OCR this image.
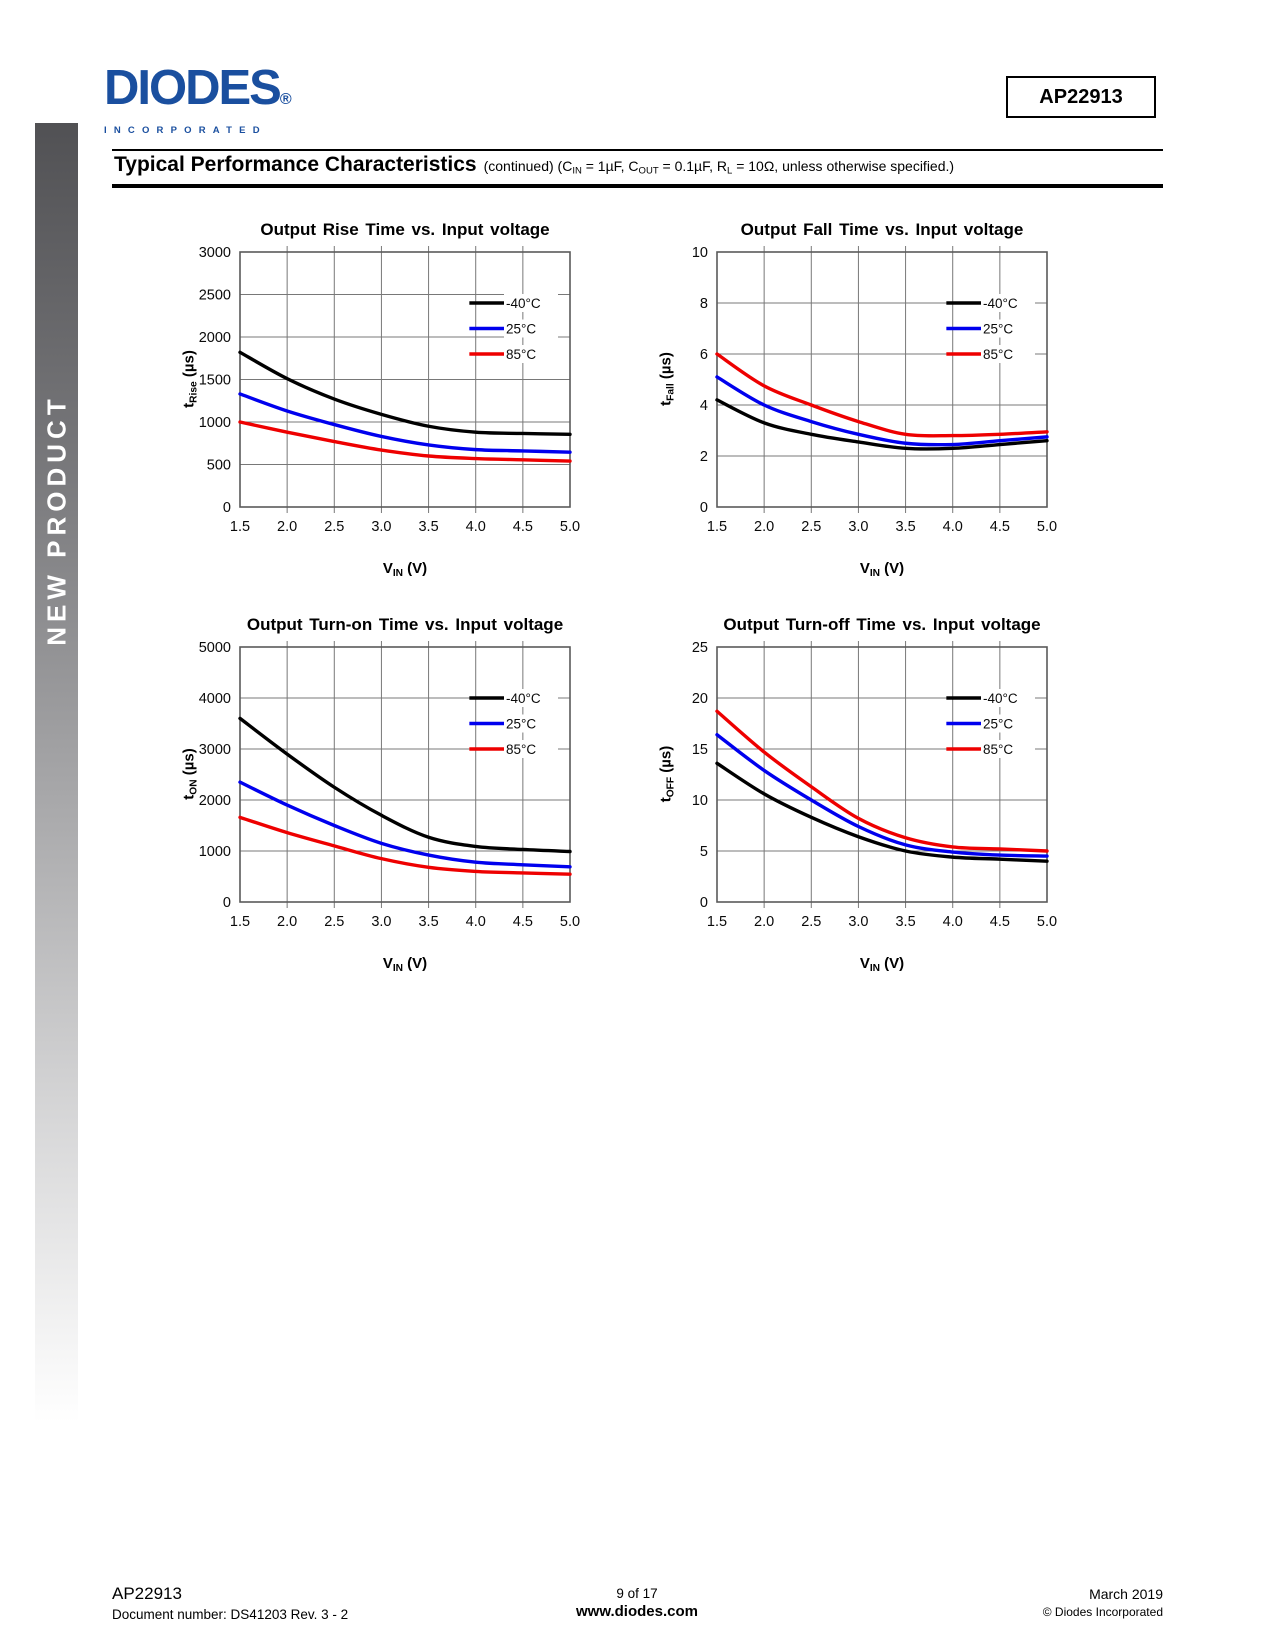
NEW PRODUCT
DIODES®
INCORPORATED
AP22913
Typical Performance Characteristics (continued) ($C_{IN} = 1\mu F$, $C_{OUT} = 0.1\mu F$, $R_L = 10\Omega$, unless otherwise specified.)
Output Rise Time vs. Input voltage
$t_{Rise}$ (µs)
1.5 2.0 2.5 3.0 3.5 4.0 4.5 5.0
0
500
1000
1500
2000
2500
3000
-40°C
25°C
85°C
$V_{IN}$ (V)
Output Fall Time vs. Input voltage
$t_{Fall}$ (µs)
1.5 2.0 2.5 3.0 3.5 4.0 4.5 5.0
0
2
4
6
8
10
-40°C
25°C
85°C
$V_{IN}$ (V)
Output Turn-on Time vs. Input voltage
$t_{ON}$ (µs)
1.5 2.0 2.5 3.0 3.5 4.0 4.5 5.0
0
1000
2000
3000
4000
5000
-40°C
25°C
85°C
$V_{IN}$ (V)
Output Turn-off Time vs. Input voltage
$t_{OFF}$ (µs)
1.5 2.0 2.5 3.0 3.5 4.0 4.5 5.0
0
5
10
15
20
25
-40°C
25°C
85°C
$V_{IN}$ (V)
AP22913
Document number: DS41203 Rev. 3 - 2
9 of 17
www.diodes.com
March 2019
© Diodes Incorporated
